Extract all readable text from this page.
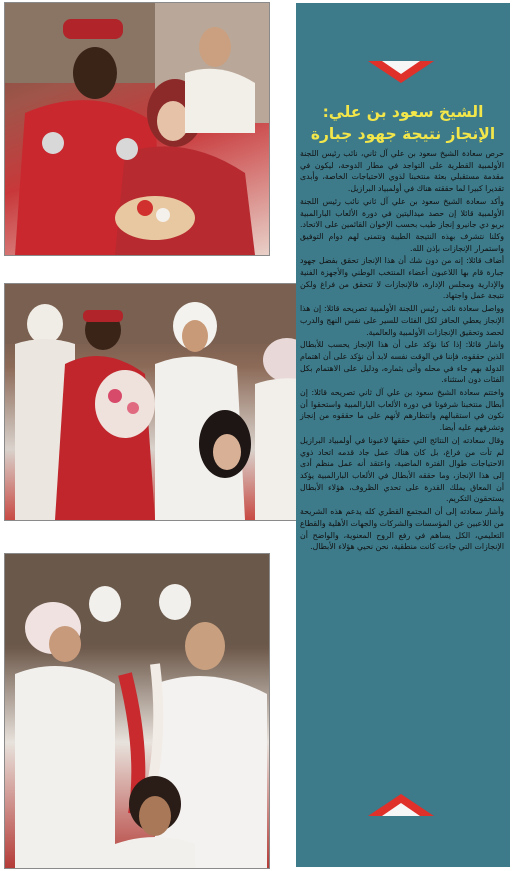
الشيخ سعود بن علي:
الإنجاز نتيجة جهود جبارة

حرص سعادة الشيخ سعود بن علي آل ثاني، نائب رئيس اللجنة الأولمبية القطرية على التواجد في مطار الدوحة، ليكون في مقدمة مستقبلي بعثة منتخبنا لذوي الاحتياجات الخاصة، وأبدى تقديرا كبيرا لما حققته هناك في أولمبياد البرازيل.

وأكد سعادة الشيخ سعود بن علي آل ثاني نائب رئيس اللجنة الأولمبية قائلا إن حصد ميداليتين في دورة الألعاب البارالمبية بريو دي جانيرو إنجاز طيب بحسب الإخوان القائمين على الاتحاد. وكلنا نتشرف بهذه النتيجة الطيبة ونتمنى لهم دوام التوفيق واستمرار الإنجازات بإذن الله.

أضاف قائلا: إنه من دون شك أن هذا الإنجاز تحقق بفضل جهود جبارة قام بها اللاعبون أعضاء المنتخب الوطني والأجهزة الفنية والإدارية ومجلس الإدارة، فالإنجازات لا تتحقق من فراغ ولكن نتيجة عمل واجتهاد.

وواصل سعادة نائب رئيس اللجنة الأولمبية تصريحه قائلا: إن هذا الإنجاز يعطي الحافز لكل الفئات للسير على نفس النهج والدرب لحصد وتحقيق الإنجازات الأولمبية والعالمية.

واشار قائلا: إذا كنا نؤكد على أن هذا الإنجاز يحسب للأبطال الذين حققوه، فإننا في الوقت نفسه لابد أن نؤكد على أن اهتمام الدولة بهم جاء في محله وأتى بثماره، ودليل على الاهتمام بكل الفئات دون استثناء.

واختتم سعادة الشيخ سعود بن علي آل ثاني تصريحه قائلا: إن أبطال منتخبنا شرفونا في دورة الألعاب البارالمبية واستحقوا أن نكون في استقبالهم وانتظارهم لأنهم على ما حققوه من إنجاز وتشرفهم عليه أيضا.

وقال سعادته إن النتائج التي حققها لاعبونا في أولمبياد البرازيل لم تأت من فراغ، بل كان هناك عمل جاد قدمه اتحاد ذوي الاحتياجات طوال الفترة الماضية، واعتقد أنه عمل منظم أدى إلى هذا الإنجاز، وما حققه الأبطال في الألعاب البارالمبية يؤكد أن المعاق يملك القدرة على تحدي الظروف، هؤلاء الأبطال يستحقون التكريم.

وأشار سعادته إلى أن المجتمع القطري كله يدعم هذه الشريحة من اللاعبين عن المؤسسات والشركات والجهات الأهلية والقطاع التعليمي، الكل يساهم في رفع الروح المعنوية، والواضح أن الإنجازات التي جاءت كانت منطقية، نحن نحيي هؤلاء الأبطال.
